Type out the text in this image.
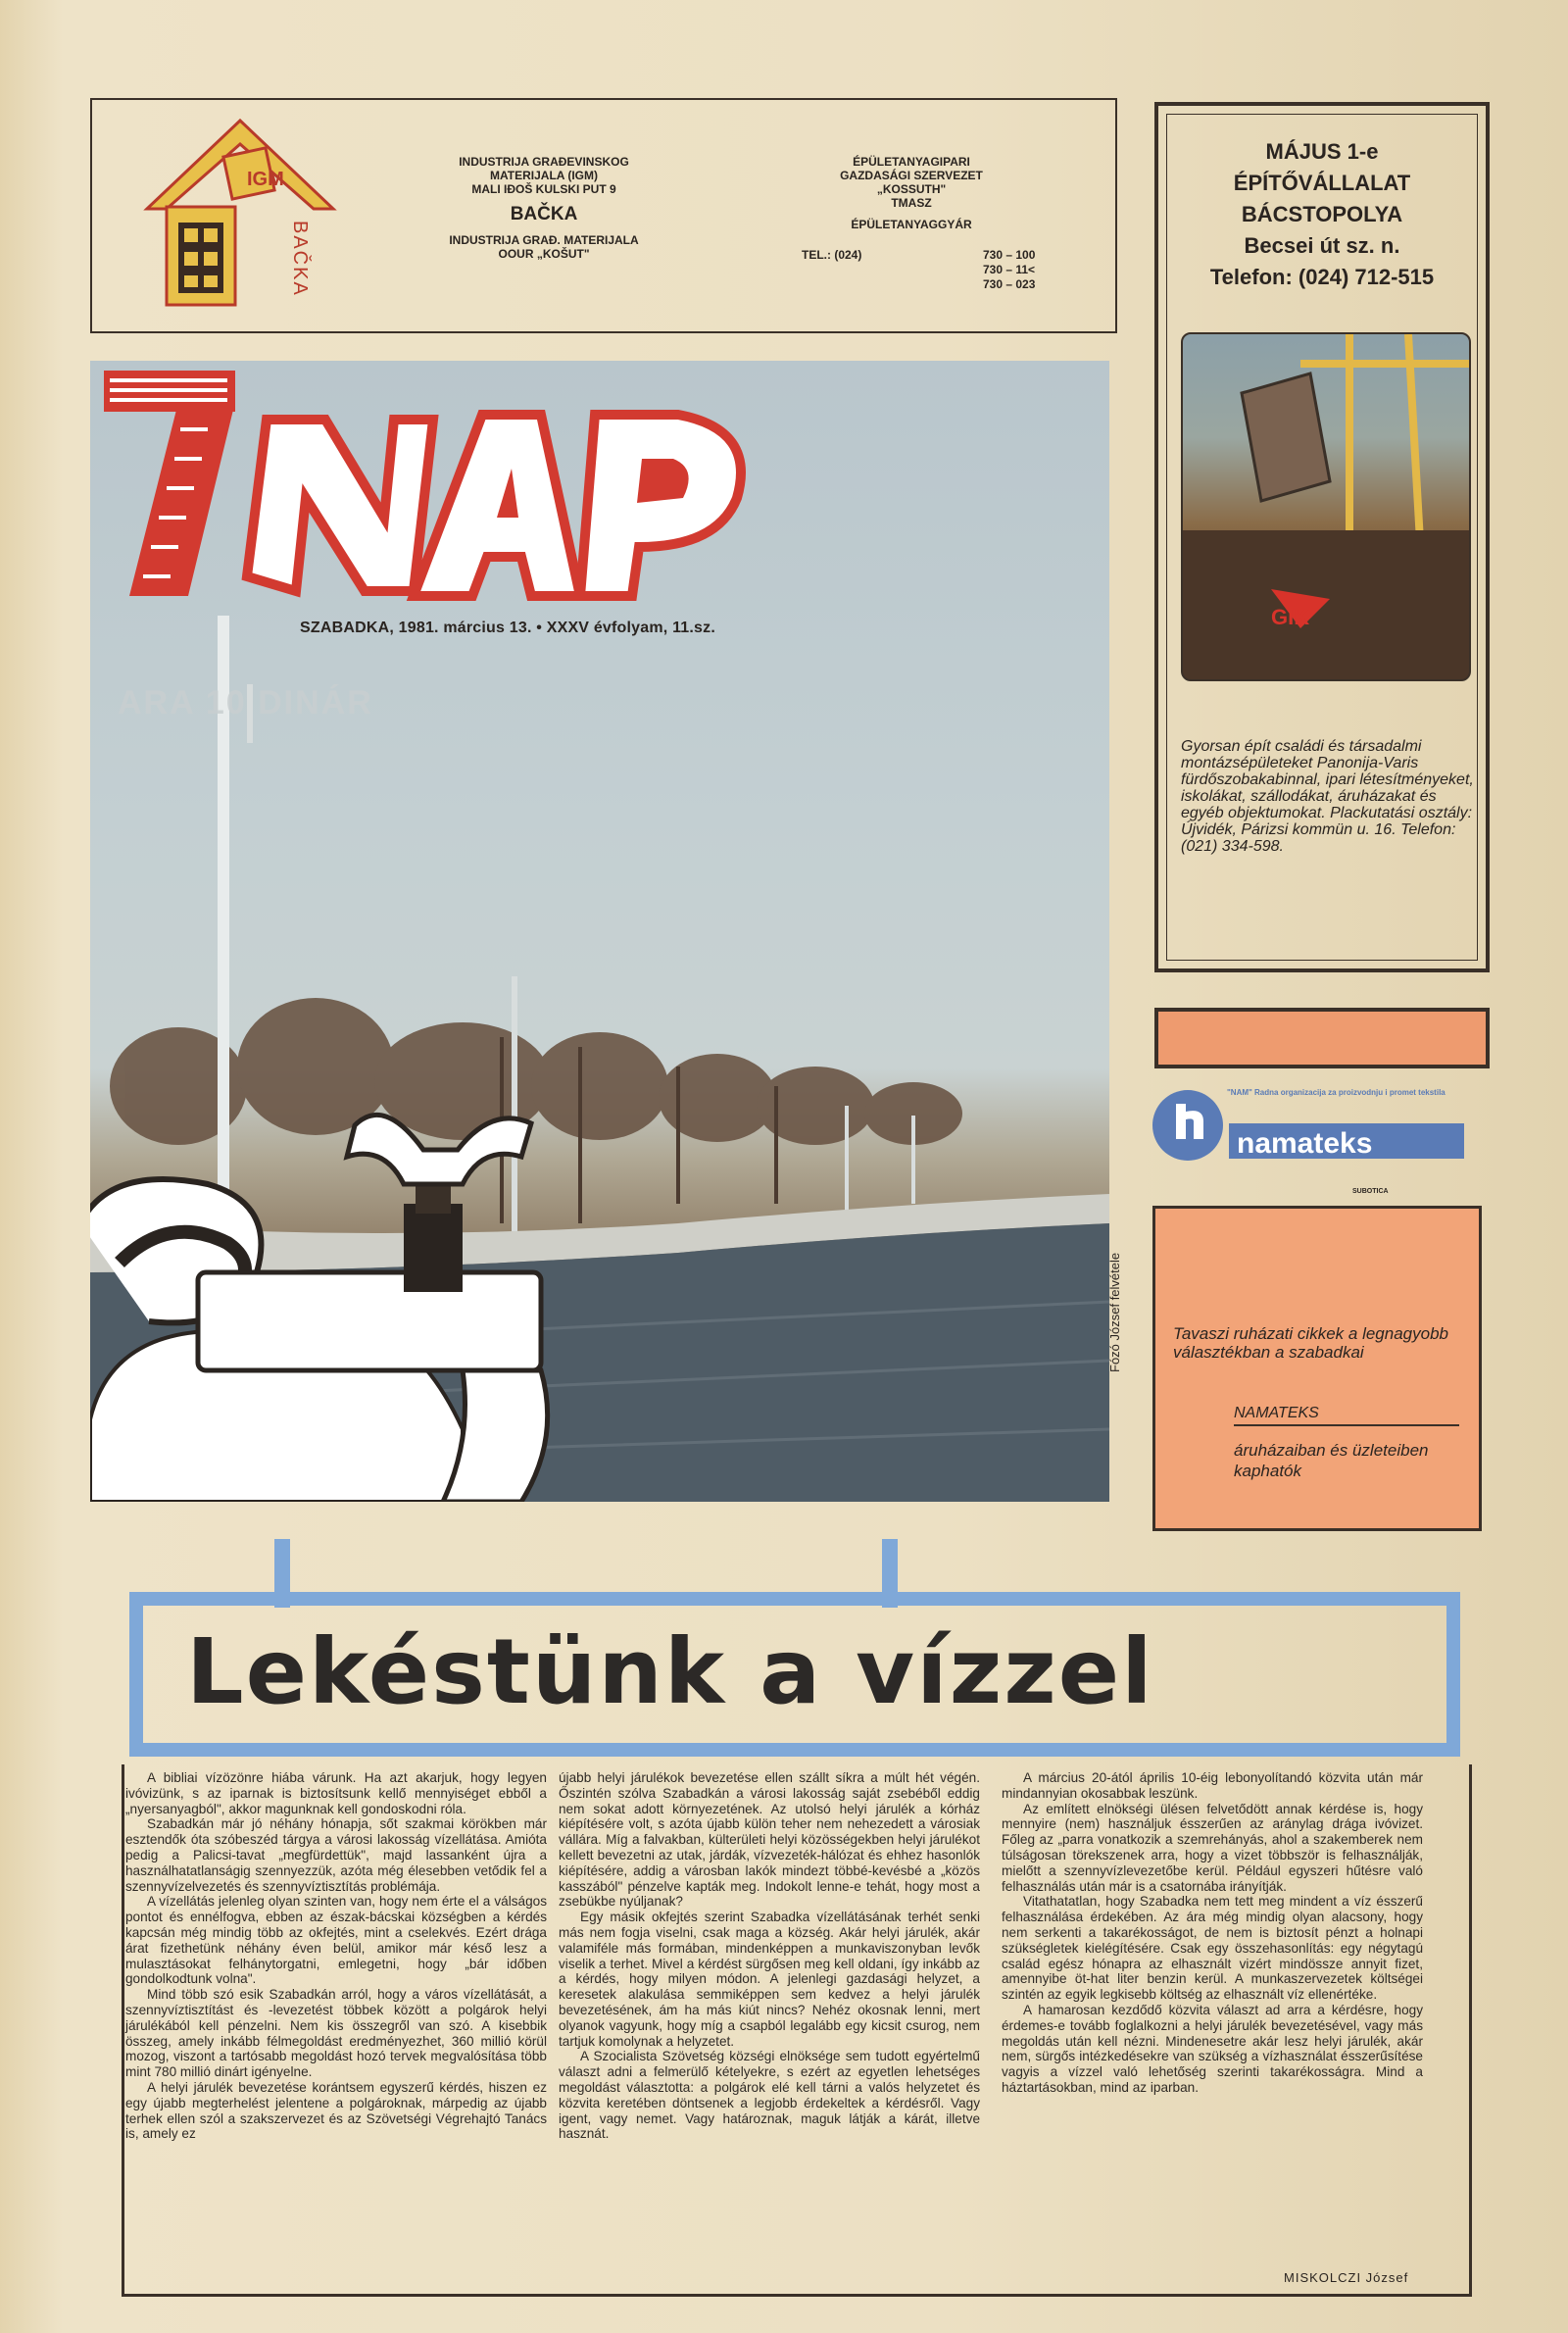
IGM
BAČKA
INDUSTRIJA GRAĐEVINSKOG
MATERIJALA (IGM)
MALI IĐOŠ KULSKI PUT 9
BAČKA
INDUSTRIJA GRAĐ. MATERIJALA
OOUR „KOŠUT"
ÉPÜLETANYAGIPARI
GAZDASÁGI SZERVEZET
„KOSSUTH"
TMASZ
ÉPÜLETANYAGGYÁR
TEL.: (024)	730 – 100
730 – 11<
730 – 023
SZABADKA, 1981. március 13. • XXXV évfolyam, 11.sz.
ARA 10 DINÁR
Fózó József felvétele
MÁJUS 1-e
ÉPÍTŐVÁLLALAT
BÁCSTOPOLYA
Becsei út sz. n.
Telefon: (024) 712-515
GIK
Gyorsan épít családi és társadalmi montázsépületeket Panonija-Varis fürdőszobakabinnal, ipari létesítményeket, iskolákat, szállodákat, áruházakat és egyéb objektumokat. Plackutatási osztály: Újvidék, Párizsi kommün u. 16. Telefon: (021) 334-598.
namateks
"NAM" Radna organizacija za proizvodnju i promet tekstila
SUBOTICA
Tavaszi ruházati cikkek a legnagyobb választékban a szabadkai
NAMATEKS
áruházaiban és üzleteiben kaphatók
Lekéstünk a vízzel

A bibliai vízözönre hiába várunk. Ha azt akarjuk, hogy legyen ivóvizünk, s az iparnak is biztosítsunk kellő mennyiséget ebből a „nyersanyagból", akkor magunknak kell gondoskodni róla.

Szabadkán már jó néhány hónapja, sőt szakmai körökben már esztendők óta szóbeszéd tárgya a városi lakosság vízellátása. Amióta pedig a Palicsi-tavat „megfürdettük", majd lassanként újra a használhatatlanságig szennyezzük, azóta még élesebben vetődik fel a szennyvízelvezetés és szennyvíztisztítás problémája.

A vízellátás jelenleg olyan szinten van, hogy nem érte el a válságos pontot és ennélfogva, ebben az észak-bácskai községben a kérdés kapcsán még mindig több az okfejtés, mint a cselekvés. Ezért drága árat fizethetünk néhány éven belül, amikor már késő lesz a mulasztásokat felhánytorgatni, emlegetni, hogy „bár időben gondolkodtunk volna".

Mind több szó esik Szabadkán arról, hogy a város vízellátását, a szennyvíztisztítást és -levezetést többek között a polgárok helyi járulékából kell pénzelni. Nem kis összegről van szó. A kisebbik összeg, amely inkább félmegoldást eredményezhet, 360 millió körül mozog, viszont a tartósabb megoldást hozó tervek megvalósítása több mint 780 millió dinárt igényelne.

A helyi járulék bevezetése korántsem egyszerű kérdés, hiszen ez egy újabb megterhelést jelentene a polgároknak, márpedig az újabb terhek ellen szól a szakszervezet és az Szövetségi Végrehajtó Tanács is, amely ez

újabb helyi járulékok bevezetése ellen szállt síkra a múlt hét végén. Őszintén szólva Szabadkán a városi lakosság saját zsebéből eddig nem sokat adott környezetének. Az utolsó helyi járulék a kórház kiépítésére volt, s azóta újabb külön teher nem nehezedett a városiak vállára. Míg a falvakban, külterületi helyi közösségekben helyi járulékot kellett bevezetni az utak, járdák, vízvezeték-hálózat és ehhez hasonlók kiépítésére, addig a városban lakók mindezt többé-kevésbé a „közös kasszából" pénzelve kapták meg. Indokolt lenne-e tehát, hogy most a zsebükbe nyúljanak?

Egy másik okfejtés szerint Szabadka vízellátásának terhét senki más nem fogja viselni, csak maga a község. Akár helyi járulék, akár valamiféle más formában, mindenképpen a munkaviszonyban levők viselik a terhet. Mivel a kérdést sürgősen meg kell oldani, így inkább az a kérdés, hogy milyen módon. A jelenlegi gazdasági helyzet, a keresetek alakulása semmiképpen sem kedvez a helyi járulék bevezetésének, ám ha más kiút nincs? Nehéz okosnak lenni, mert olyanok vagyunk, hogy míg a csapból legalább egy kicsit csurog, nem tartjuk komolynak a helyzetet.

A Szocialista Szövetség községi elnöksége sem tudott egyértelmű választ adni a felmerülő kételyekre, s ezért az egyetlen lehetséges megoldást választotta: a polgárok elé kell tárni a valós helyzetet és közvita keretében döntsenek a legjobb érdekeltek a kérdésről. Vagy igent, vagy nemet. Vagy határoznak, maguk látják a kárát, illetve hasznát.

A március 20-ától április 10-éig lebonyolítandó közvita után már mindannyian okosabbak leszünk.

Az említett elnökségi ülésen felvetődött annak kérdése is, hogy mennyire (nem) használjuk ésszerűen az aránylag drága ivóvizet. Főleg az „parra vonatkozik a szemrehányás, ahol a szakemberek nem túlságosan törekszenek arra, hogy a vizet többször is felhasználják, mielőtt a szennyvízlevezetőbe kerül. Például egyszeri hűtésre való felhasználás után már is a csatornába irányítják.

Vitathatatlan, hogy Szabadka nem tett meg mindent a víz ésszerű felhasználása érdekében. Az ára még mindig olyan alacsony, hogy nem serkenti a takarékosságot, de nem is biztosít pénzt a holnapi szükségletek kielégítésére. Csak egy összehasonlítás: egy négytagú család egész hónapra az elhasznált vizért mindössze annyit fizet, amennyibe öt-hat liter benzin kerül. A munkaszervezetek költségei szintén az egyik legkisebb költség az elhasznált víz ellenértéke.

A hamarosan kezdődő közvita választ ad arra a kérdésre, hogy érdemes-e tovább foglalkozni a helyi járulék bevezetésével, vagy más megoldás után kell nézni. Mindenesetre akár lesz helyi járulék, akár nem, sürgős intézkedésekre van szükség a vízhasználat ésszerűsítése vagyis a vízzel való lehetőség szerinti takarékosságra. Mind a háztartásokban, mind az iparban.

MISKOLCZI József
